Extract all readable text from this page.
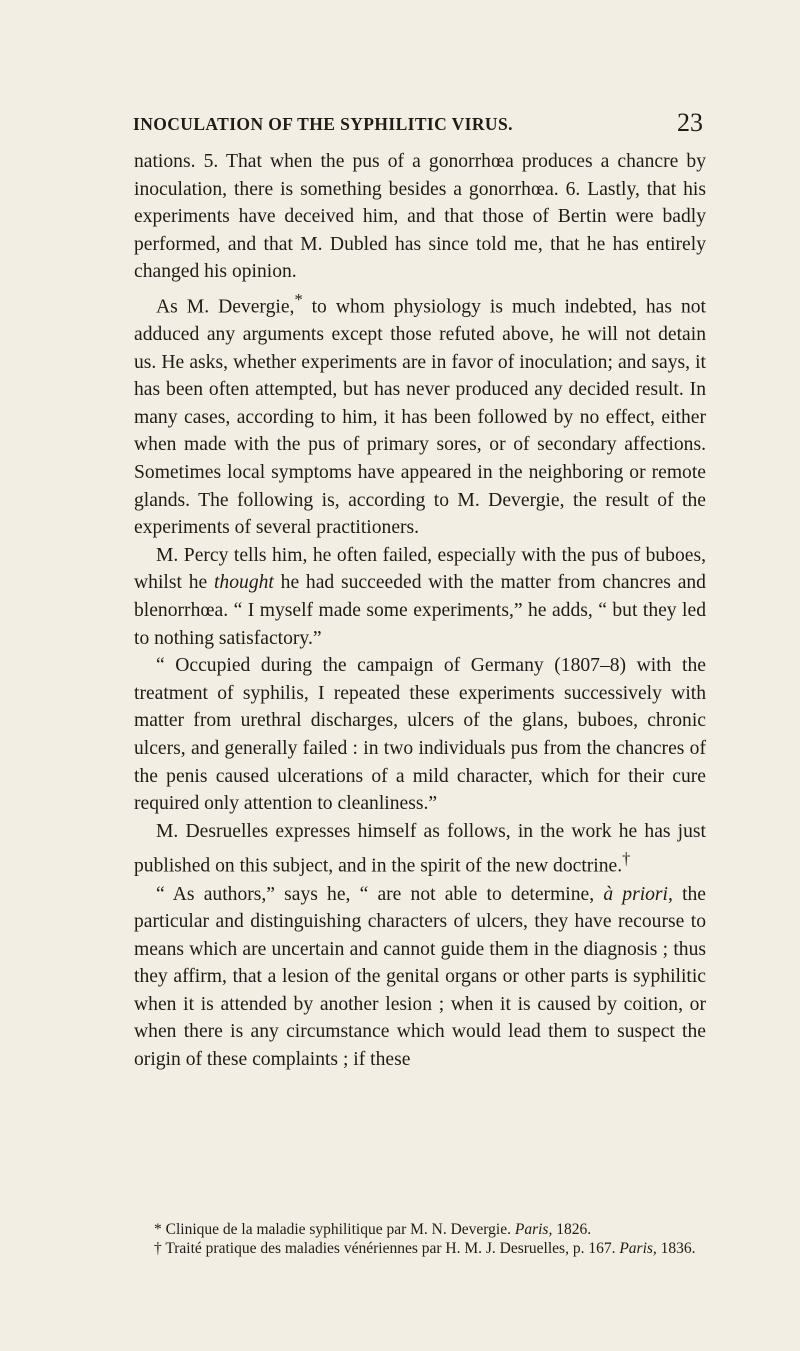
INOCULATION OF THE SYPHILITIC VIRUS.	23

nations. 5. That when the pus of a gonorrhœa produces a chancre by inoculation, there is something besides a gonorrhœa. 6. Lastly, that his experiments have deceived him, and that those of Bertin were badly performed, and that M. Dubled has since told me, that he has entirely changed his opinion.

As M. Devergie,* to whom physiology is much indebted, has not adduced any arguments except those refuted above, he will not detain us. He asks, whether experiments are in favor of inoculation; and says, it has been often attempted, but has never produced any decided result. In many cases, according to him, it has been followed by no effect, either when made with the pus of primary sores, or of secondary affections. Sometimes local symptoms have appeared in the neighboring or remote glands. The following is, according to M. Devergie, the result of the experiments of several practitioners.

M. Percy tells him, he often failed, especially with the pus of buboes, whilst he thought he had succeeded with the matter from chancres and blenorrhœa. “ I myself made some experiments,” he adds, “ but they led to nothing satisfactory.”

“ Occupied during the campaign of Germany (1807–8) with the treatment of syphilis, I repeated these experiments successively with matter from urethral discharges, ulcers of the glans, buboes, chronic ulcers, and generally failed : in two individuals pus from the chancres of the penis caused ulcerations of a mild character, which for their cure required only attention to cleanliness.”

M. Desruelles expresses himself as follows, in the work he has just published on this subject, and in the spirit of the new doctrine.†

“ As authors,” says he, “ are not able to determine, à priori, the particular and distinguishing characters of ulcers, they have recourse to means which are uncertain and cannot guide them in the diagnosis ; thus they affirm, that a lesion of the genital organs or other parts is syphilitic when it is attended by another lesion ; when it is caused by coition, or when there is any circumstance which would lead them to suspect the origin of these complaints ; if these

* Clinique de la maladie syphilitique par M. N. Devergie. Paris, 1826.

† Traité pratique des maladies vénériennes par H. M. J. Desruelles, p. 167. Paris, 1836.
